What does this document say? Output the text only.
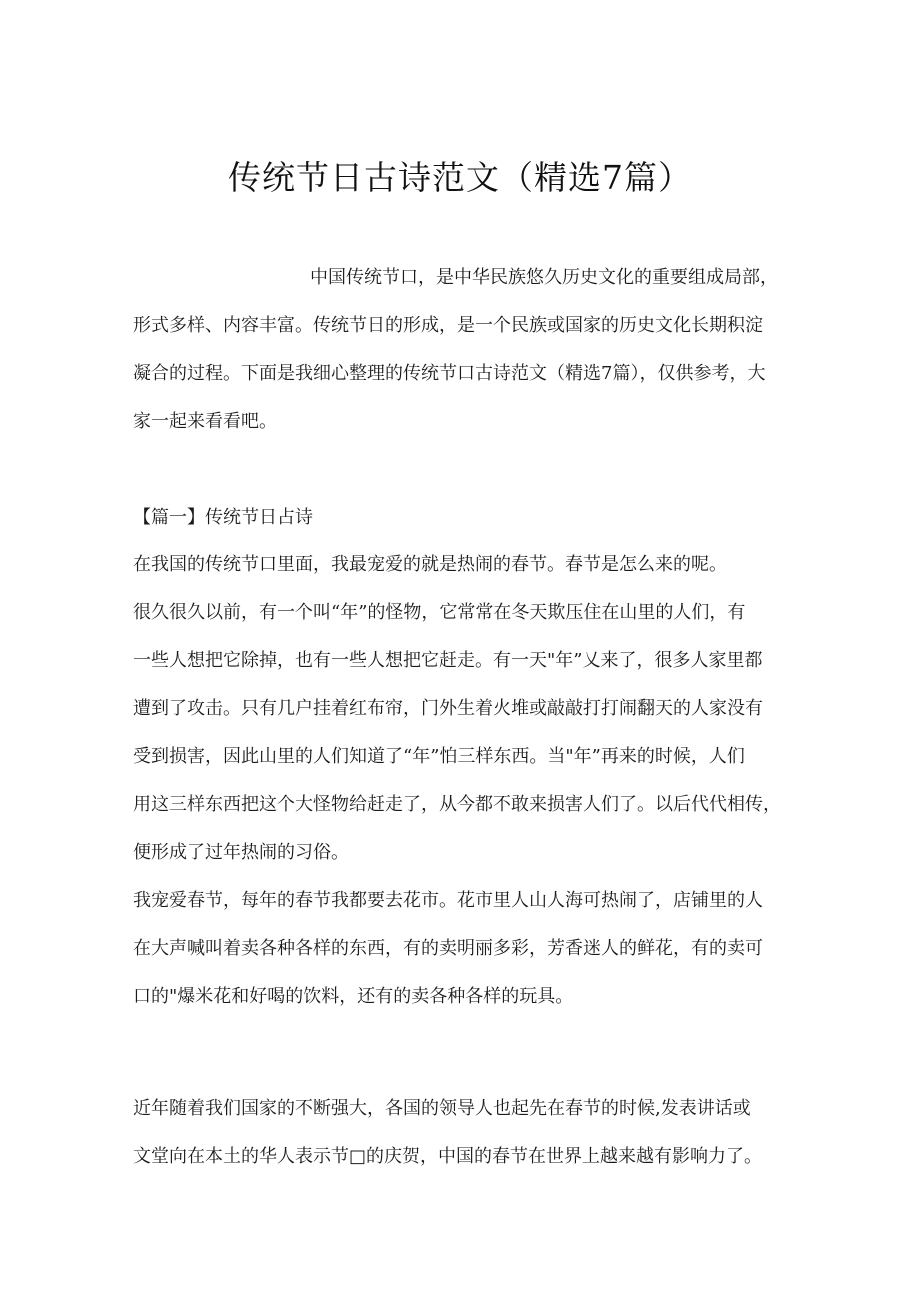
传统节日古诗范文（精选7篇）
中国传统节口，是中华民族悠久历史文化的重要组成局部，
形式多样、内容丰富。传统节日的形成，是一个民族或国家的历史文化长期积淀
凝合的过程。下面是我细心整理的传统节口古诗范文（精选7篇），仅供参考，大
家一起来看看吧。
【篇一】传统节日占诗
在我国的传统节口里面，我最宠爱的就是热闹的春节。春节是怎么来的呢。
很久很久以前，有一个叫“年”的怪物，它常常在冬天欺压住在山里的人们，有
一些人想把它除掉，也有一些人想把它赶走。有一天"年”乂来了，很多人家里都
遭到了攻击。只有几户挂着红布帘，门外生着火堆或敲敲打打闹翻天的人家没有
受到损害，因此山里的人们知道了“年”怕三样东西。当"年”再来的时候，人们
用这三样东西把这个大怪物给赶走了，从今都不敢来损害人们了。以后代代相传，
便形成了过年热闹的习俗。
我宠爱春节，每年的春节我都要去花市。花市里人山人海可热闹了，店铺里的人
在大声喊叫着卖各种各样的东西，有的卖明丽多彩，芳香迷人的鲜花，有的卖可
口的"爆米花和好喝的饮料，还有的卖各种各样的玩具。
近年随着我们国家的不断强大，各国的领导人也起先在春节的时候,发表讲话或
文堂向在本土的华人表示节□的庆贺，中国的春节在世界上越来越有影响力了。
